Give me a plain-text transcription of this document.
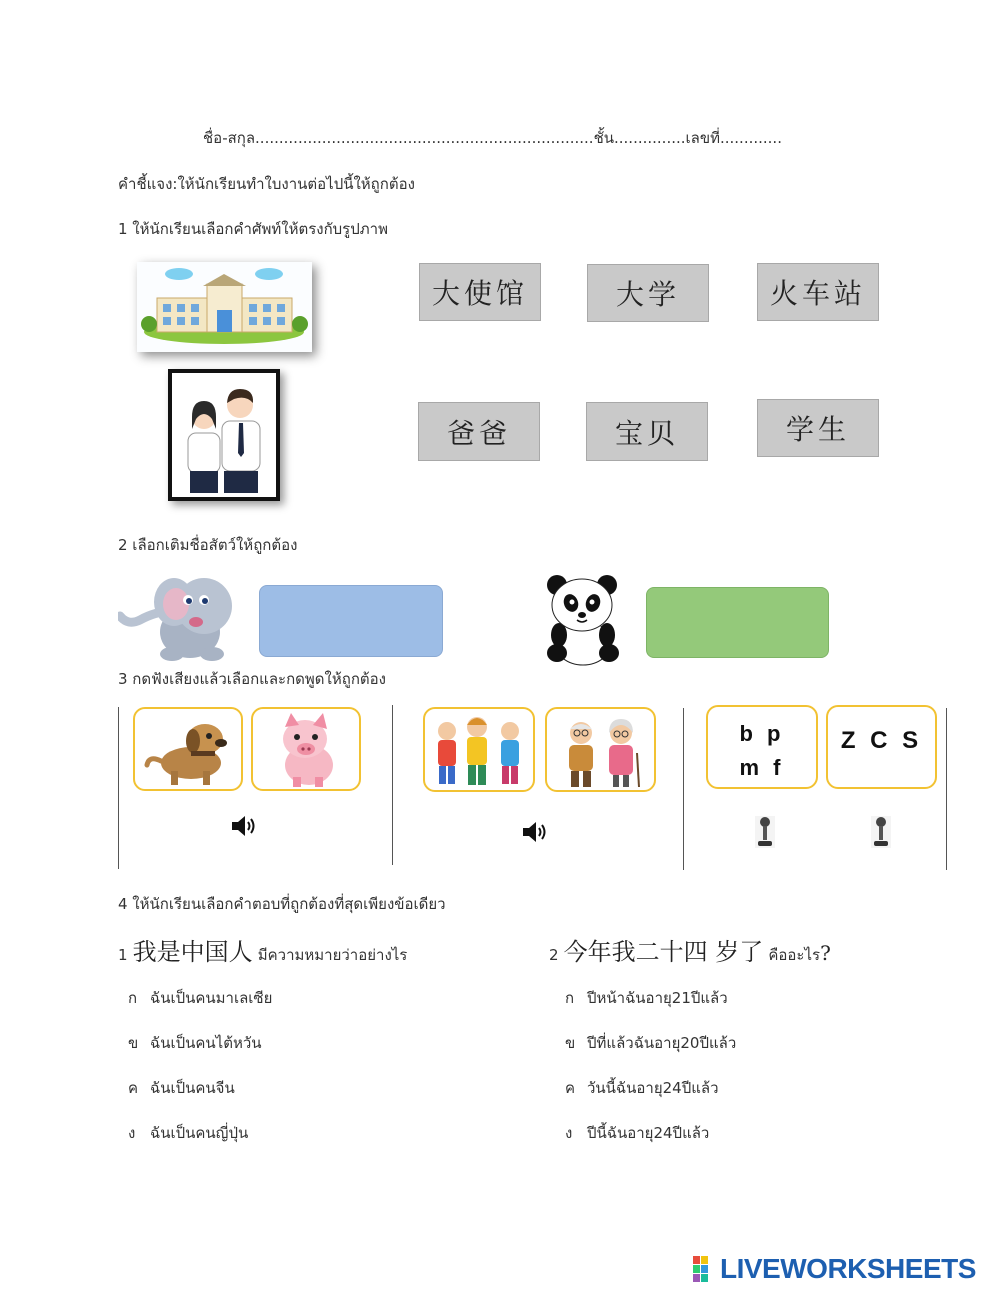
ชื่อ-สกุล.......................................................................ชั้น...............เลขที่.............
คำชี้แจง:ให้นักเรียนทำใบงานต่อไปนี้ให้ถูกต้อง
1 ให้นักเรียนเลือกคำศัพท์ให้ตรงกับรูปภาพ
大使馆	大学	火车站
爸爸	宝贝	学生
2 เลือกเติมชื่อสัตว์ให้ถูกต้อง
3 กดฟังเสียงแล้วเลือกและกดพูดให้ถูกต้อง
b p
m f
Z C S
4 ให้นักเรียนเลือกคำตอบที่ถูกต้องที่สุดเพียงข้อเดียว
1 我是中国人 มีความหมายว่าอย่างไร
ก ฉันเป็นคนมาเลเซีย
ข ฉันเป็นคนไต้หวัน
ค ฉันเป็นคนจีน
ง ฉันเป็นคนญี่ปุ่น
2 今年我二十四 岁了 คืออะไร?
ก ปีหน้าฉันอายุ21ปีแล้ว
ข ปีที่แล้วฉันอายุ20ปีแล้ว
ค วันนี้ฉันอายุ24ปีแล้ว
ง ปีนี้ฉันอายุ24ปีแล้ว
LIVEWORKSHEETS
